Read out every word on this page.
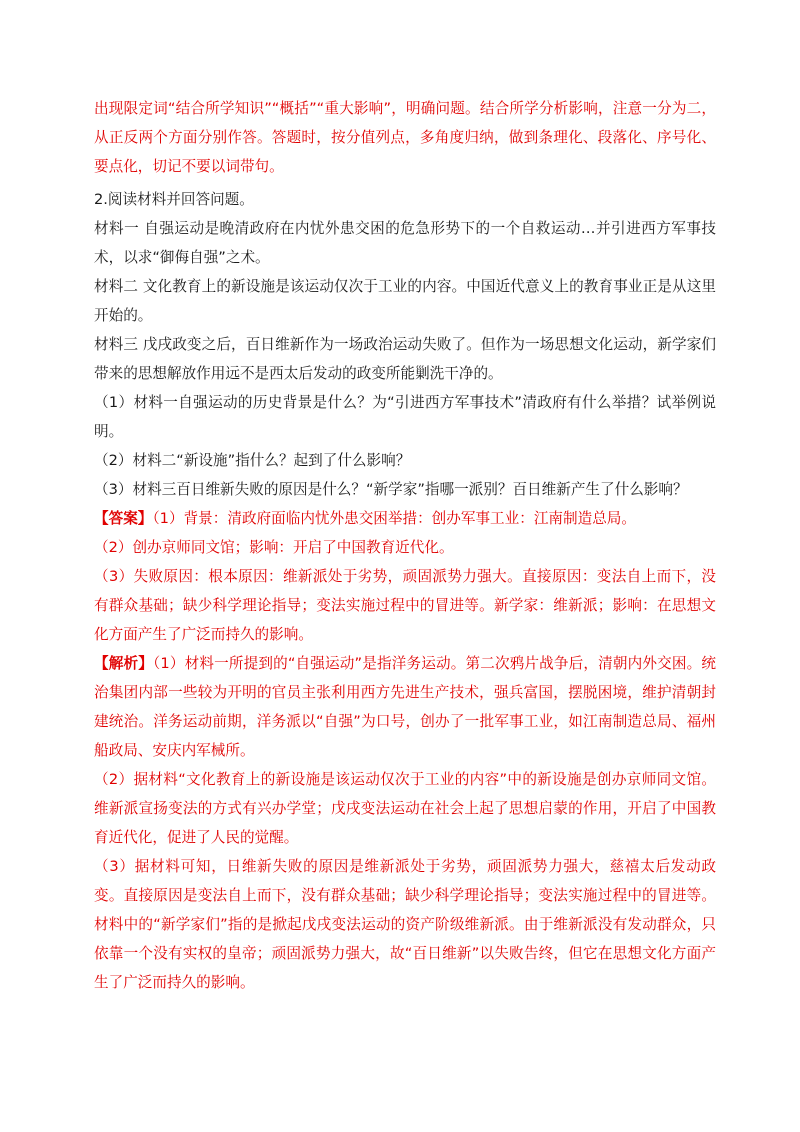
出现限定词“结合所学知识”“概括”“重大影响”，明确问题。结合所学分析影响，注意一分为二，从正反两个方面分别作答。答题时，按分值列点，多角度归纳，做到条理化、段落化、序号化、要点化，切记不要以词带句。

2.阅读材料并回答问题。

材料一 自强运动是晚清政府在内忧外患交困的危急形势下的一个自救运动…并引进西方军事技术，以求“御侮自强”之术。

材料二 文化教育上的新设施是该运动仅次于工业的内容。中国近代意义上的教育事业正是从这里开始的。

材料三 戊戌政变之后，百日维新作为一场政治运动失败了。但作为一场思想文化运动，新学家们带来的思想解放作用远不是西太后发动的政变所能剿洗干净的。

（1）材料一自强运动的历史背景是什么？为“引进西方军事技术”清政府有什么举措？试举例说明。

（2）材料二“新设施”指什么？起到了什么影响？

（3）材料三百日维新失败的原因是什么？“新学家”指哪一派别？百日维新产生了什么影响？

【答案】（1）背景：清政府面临内忧外患交困举措：创办军事工业：江南制造总局。

（2）创办京师同文馆；影响：开启了中国教育近代化。

（3）失败原因：根本原因：维新派处于劣势，顽固派势力强大。直接原因：变法自上而下，没有群众基础；缺少科学理论指导；变法实施过程中的冒进等。新学家：维新派；影响：在思想文化方面产生了广泛而持久的影响。

【解析】（1）材料一所提到的“自强运动”是指洋务运动。第二次鸦片战争后，清朝内外交困。统治集团内部一些较为开明的官员主张利用西方先进生产技术，强兵富国，摆脱困境，维护清朝封建统治。洋务运动前期，洋务派以“自强”为口号，创办了一批军事工业，如江南制造总局、福州船政局、安庆内军械所。

（2）据材料“文化教育上的新设施是该运动仅次于工业的内容”中的新设施是创办京师同文馆。维新派宣扬变法的方式有兴办学堂；戊戌变法运动在社会上起了思想启蒙的作用，开启了中国教育近代化，促进了人民的觉醒。

（3）据材料可知，日维新失败的原因是维新派处于劣势，顽固派势力强大，慈禧太后发动政变。直接原因是变法自上而下，没有群众基础；缺少科学理论指导；变法实施过程中的冒进等。材料中的“新学家们”指的是掀起戊戌变法运动的资产阶级维新派。由于维新派没有发动群众，只依靠一个没有实权的皇帝；顽固派势力强大，故“百日维新”以失败告终，但它在思想文化方面产生了广泛而持久的影响。
